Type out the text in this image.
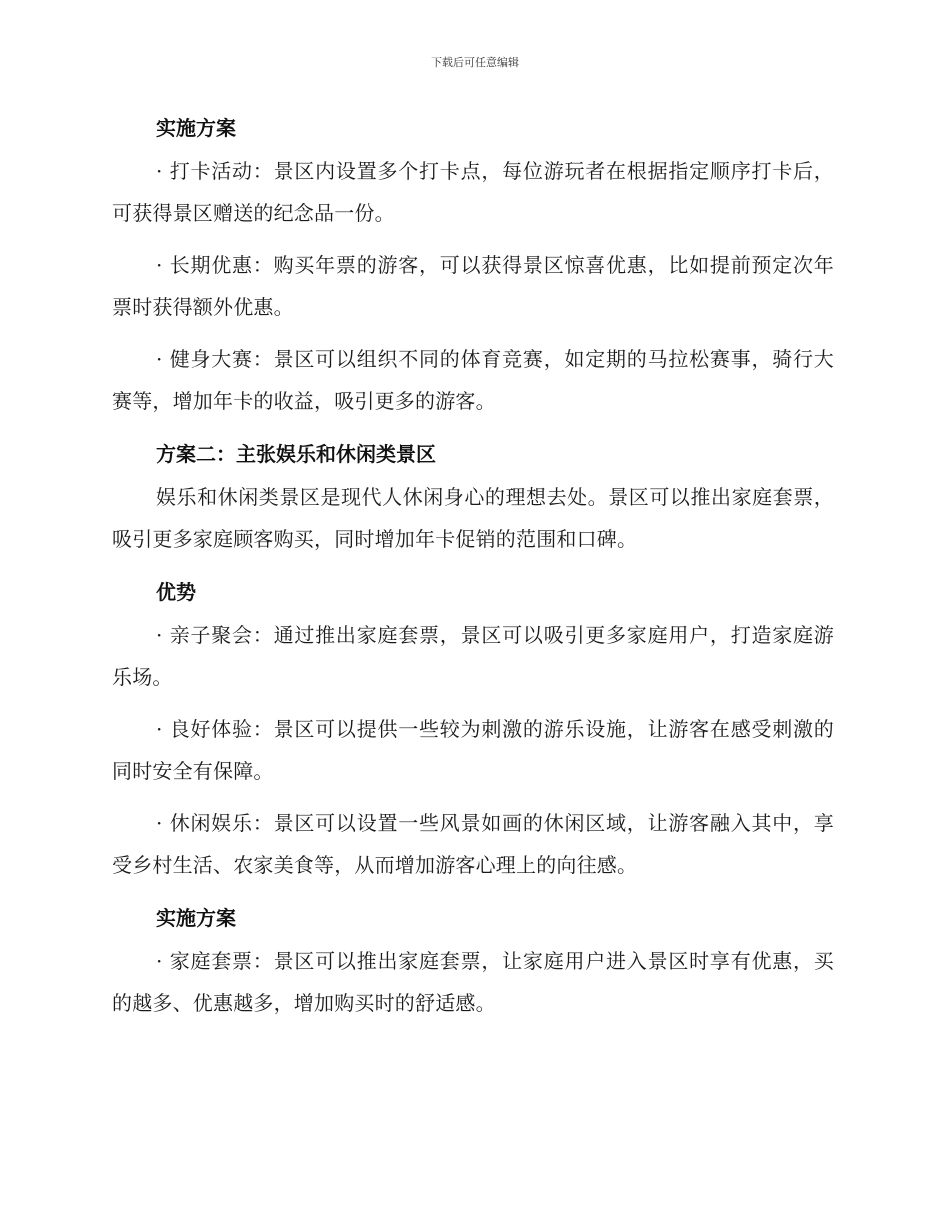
下载后可任意编辑
实施方案

· 打卡活动：景区内设置多个打卡点，每位游玩者在根据指定顺序打卡后，可获得景区赠送的纪念品一份。

· 长期优惠：购买年票的游客，可以获得景区惊喜优惠，比如提前预定次年票时获得额外优惠。

· 健身大赛：景区可以组织不同的体育竞赛，如定期的马拉松赛事，骑行大赛等，增加年卡的收益，吸引更多的游客。

方案二：主张娱乐和休闲类景区

娱乐和休闲类景区是现代人休闲身心的理想去处。景区可以推出家庭套票，吸引更多家庭顾客购买，同时增加年卡促销的范围和口碑。

优势

· 亲子聚会：通过推出家庭套票，景区可以吸引更多家庭用户，打造家庭游乐场。

· 良好体验：景区可以提供一些较为刺激的游乐设施，让游客在感受刺激的同时安全有保障。

· 休闲娱乐：景区可以设置一些风景如画的休闲区域，让游客融入其中，享受乡村生活、农家美食等，从而增加游客心理上的向往感。

实施方案

· 家庭套票：景区可以推出家庭套票，让家庭用户进入景区时享有优惠，买的越多、优惠越多，增加购买时的舒适感。
